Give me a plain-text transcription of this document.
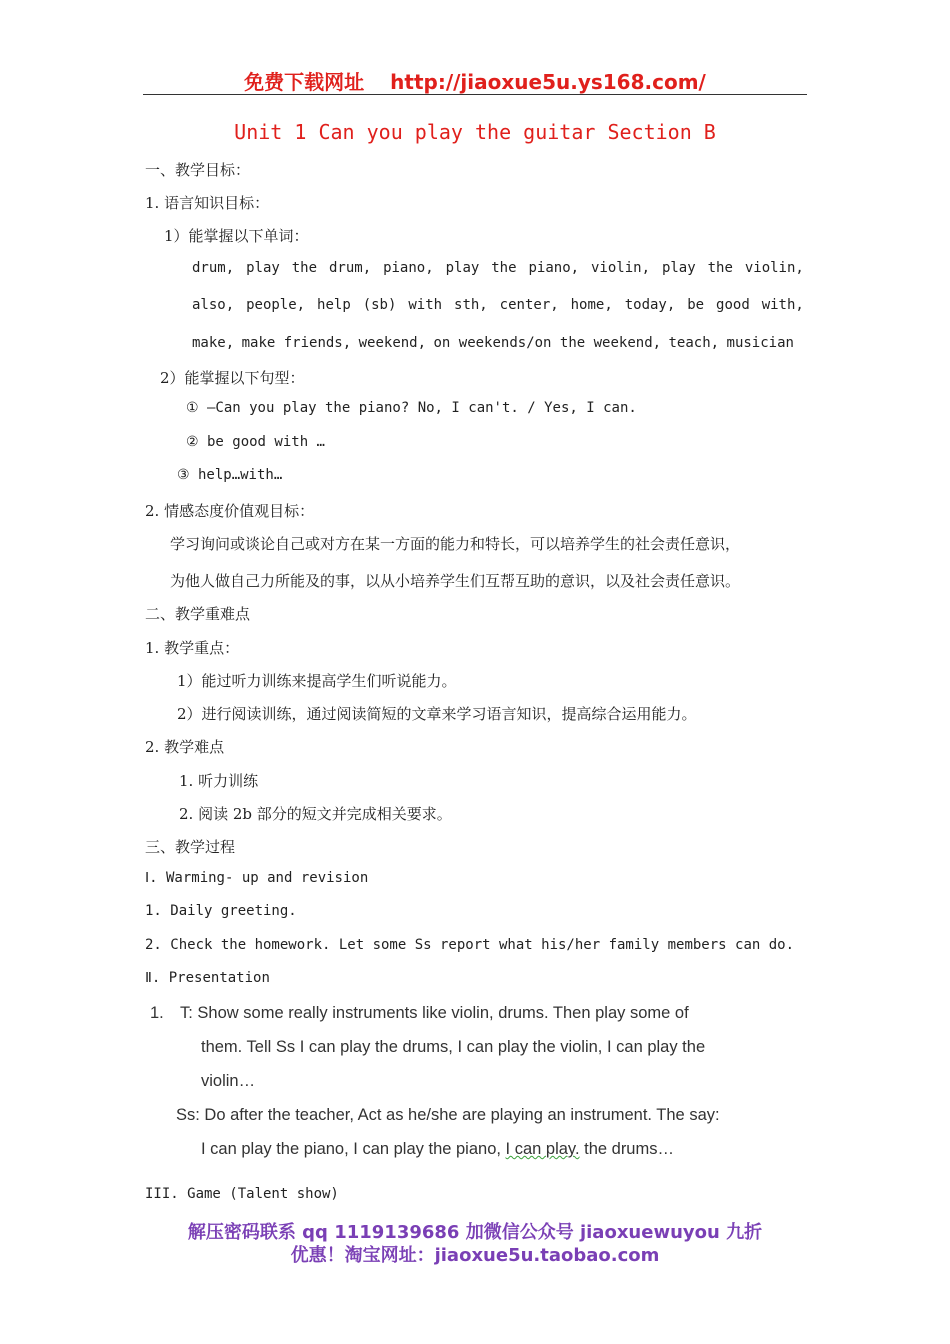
免费下载网址 http://jiaoxue5u.ys168.com/
Unit 1 Can you play the guitar Section B
一、教学目标：
1. 语言知识目标：
1）能掌握以下单词：
drum, play the drum, piano, play the piano, violin, play the violin,
also, people, help (sb) with sth, center, home, today, be good with,
make, make friends, weekend, on weekends/on the weekend, teach, musician
2）能掌握以下句型：
① —Can you play the piano? No, I can't. / Yes, I can.
② be good with …
③ help…with…
2. 情感态度价值观目标：
学习询问或谈论自己或对方在某一方面的能力和特长，可以培养学生的社会责任意识，
为他人做自己力所能及的事，以从小培养学生们互帮互助的意识，以及社会责任意识。
二、教学重难点
1. 教学重点：
1）能过听力训练来提高学生们听说能力。
2）进行阅读训练，通过阅读简短的文章来学习语言知识，提高综合运用能力。
2. 教学难点
1. 听力训练
2. 阅读 2b 部分的短文并完成相关要求。
三、教学过程
Ⅰ. Warming- up and revision
1. Daily greeting.
2. Check the homework. Let some Ss report what his/her family members can do.
Ⅱ. Presentation
1. T: Show some really instruments like violin, drums. Then play some of
them. Tell Ss I can play the drums, I can play the violin, I can play the
violin…
Ss: Do after the teacher, Act as he/she are playing an instrument. The say:
I can play the piano, I can play the piano, I can play. the drums…
III. Game (Talent show)
解压密码联系 qq 1119139686 加微信公众号 jiaoxuewuyou 九折
优惠！淘宝网址：jiaoxue5u.taobao.com
